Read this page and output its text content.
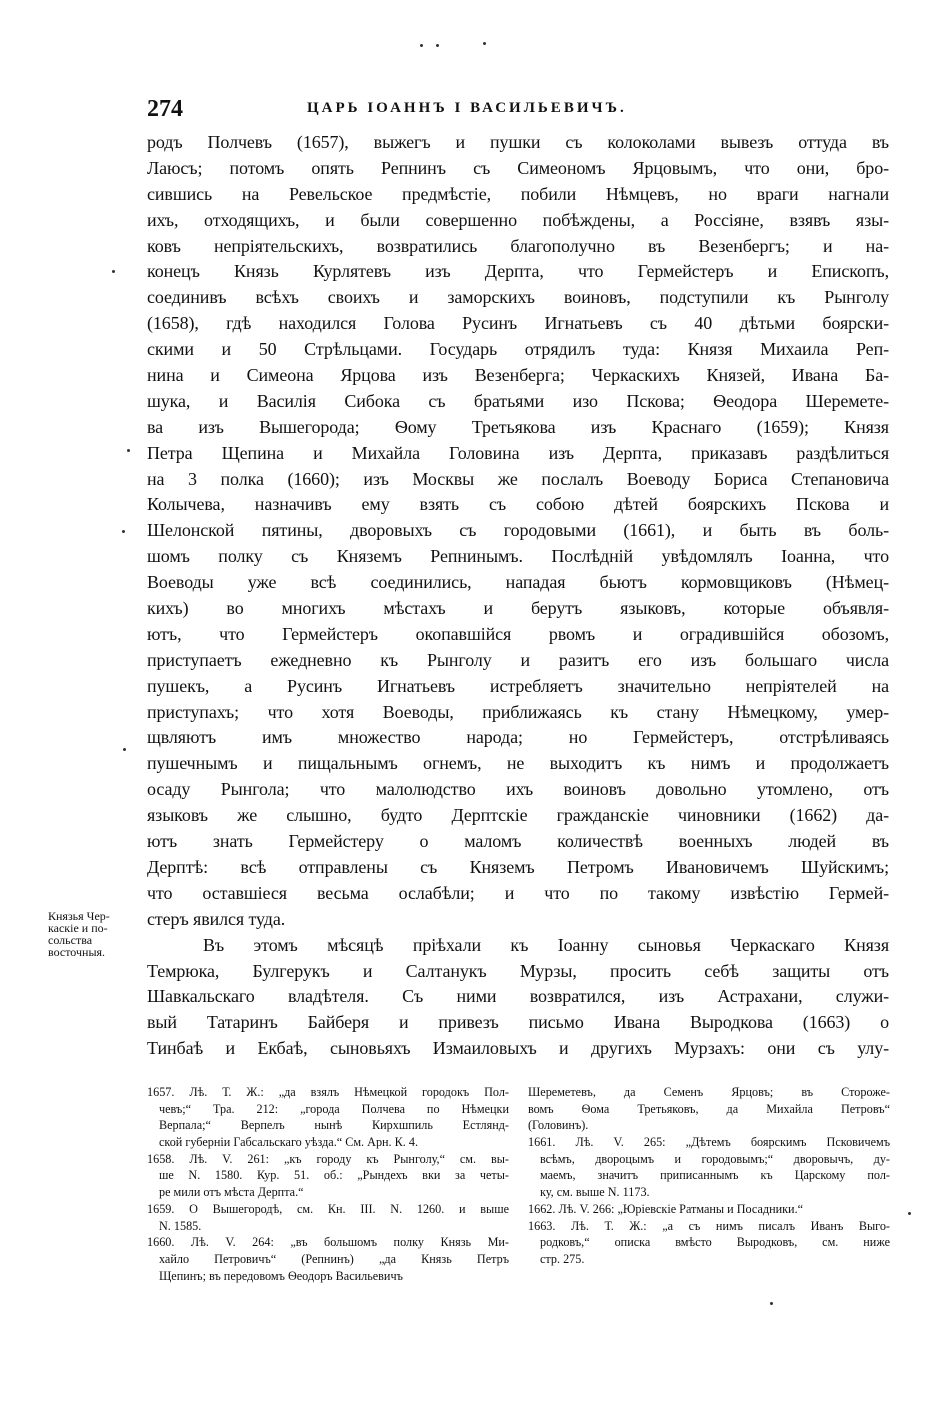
274	ЦАРЬ ІОАННЪ І ВАСИЛЬЕВИЧЪ.
родъ Полчевъ (1657), выжегъ и пушки съ колоколами вывезъ оттуда въ
Лаюсъ; потомъ опять Репнинъ съ Симеономъ Ярцовымъ, что они, бро-
сившись на Ревельское предмѣстіе, побили Нѣмцевъ, но враги нагнали
ихъ, отходящихъ, и были совершенно побѣждены, а Россіяне, взявъ язы-
ковъ непріятельскихъ, возвратились благополучно въ Везенбергъ; и на-
конецъ Князь Курлятевъ изъ Дерпта, что Гермейстеръ и Епископъ,
соединивъ всѣхъ своихъ и заморскихъ воиновъ, подступили къ Рынголу
(1658), гдѣ находился Голова Русинъ Игнатьевъ съ 40 дѣтьми боярски-
скими и 50 Стрѣльцами. Государь отрядилъ туда: Князя Михаила Реп-
нина и Симеона Ярцова изъ Везенберга; Черкаскихъ Князей, Ивана Ба-
шука, и Василія Сибока съ братьями изо Пскова; Ѳеодора Шеремете-
ва изъ Вышегорода; Ѳому Третьякова изъ Краснаго (1659); Князя
Петра Щепина и Михайла Головина изъ Дерпта, приказавъ раздѣлиться
на 3 полка (1660); изъ Москвы же послалъ Воеводу Бориса Степановича
Колычева, назначивъ ему взять съ собою дѣтей боярскихъ Пскова и
Шелонской пятины, дворовыхъ съ городовыми (1661), и быть въ боль-
шомъ полку съ Княземъ Репнинымъ. Послѣдній увѣдомлялъ Іоанна, что
Воеводы уже всѣ соединились, нападая бьютъ кормовщиковъ (Нѣмец-
кихъ) во многихъ мѣстахъ и берутъ языковъ, которые объявля-
ютъ, что Гермейстеръ окопавшійся рвомъ и оградившійся обозомъ,
приступаетъ ежедневно къ Рынголу и разитъ его изъ большаго числа
пушекъ, а Русинъ Игнатьевъ истребляетъ значительно непріятелей на
приступахъ; что хотя Воеводы, приближаясь къ стану Нѣмецкому, умер-
щвляютъ имъ множество народа; но Гермейстеръ, отстрѣливаясь
пушечнымъ и пищальнымъ огнемъ, не выходитъ къ нимъ и продолжаетъ
осаду Рынгола; что малолюдство ихъ воиновъ довольно утомлено, отъ
языковъ же слышно, будто Дерптскіе гражданскіе чиновники (1662) да-
ютъ знать Гермейстеру о маломъ количествѣ военныхъ людей въ
Дерптѣ: всѣ отправлены съ Княземъ Петромъ Ивановичемъ Шуйскимъ;
что оставшіеся весьма ослабѣли; и что по такому извѣстію Гермей-
стеръ явился туда.
Въ этомъ мѣсяцѣ пріѣхали къ Іоанну сыновья Черкаскаго Князя
Темрюка, Булгерукъ и Салтанукъ Мурзы, просить себѣ защиты отъ
Шавкальскаго владѣтеля. Съ ними возвратился, изъ Астрахани, служи-
вый Татаринъ Байберя и привезъ письмо Ивана Выродкова (1663) о
Тинбаѣ и Екбаѣ, сыновьяхъ Измаиловыхъ и другихъ Мурзахъ: они съ улу-
Князья Чер-
каскіе и по-
сольства
восточныя.
1657. Лѣ. Т. Ж.: „да взялъ Нѣмецкой городокъ Пол-
чевъ;“ Тра. 212: „города Полчева по Нѣмецки
Верпала;“ Верпелъ нынѣ Кирхшпиль Естлянд-
ской губерніи Габсальскаго уѣзда.“ См. Арн. К. 4.
1658. Лѣ. V. 261: „къ городу къ Рынголу,“ см. вы-
ше N. 1580. Кур. 51. об.: „Рындехъ вки за четы-
ре мили отъ мѣста Дерпта.“
1659. О Вышегородѣ, см. Кн. III. N. 1260. и выше
N. 1585.
1660. Лѣ. V. 264: „въ большомъ полку Князь Ми-
хайло Петровичъ“ (Репнинъ) „да Князь Петръ
Щепинъ; въ передовомъ Ѳеодоръ Васильевичъ
Шереметевъ, да Семенъ Ярцовъ; въ Стороже-
вомъ Ѳома Третьяковъ, да Михайла Петровъ“
(Головинъ).
1661. Лѣ. V. 265: „Дѣтемъ боярскимъ Псковичемъ
всѣмъ, двороцымъ и городовымъ;“ дворовычъ, ду-
маемъ, значитъ приписаннымъ къ Царскому пол-
ку, см. выше N. 1173.
1662. Лѣ. V. 266: „Юріевскіе Ратманы и Посадники.“
1663. Лѣ. Т. Ж.: „а съ нимъ писалъ Иванъ Выго-
родковъ,“ описка вмѣсто Выродковъ, см. ниже
стр. 275.
